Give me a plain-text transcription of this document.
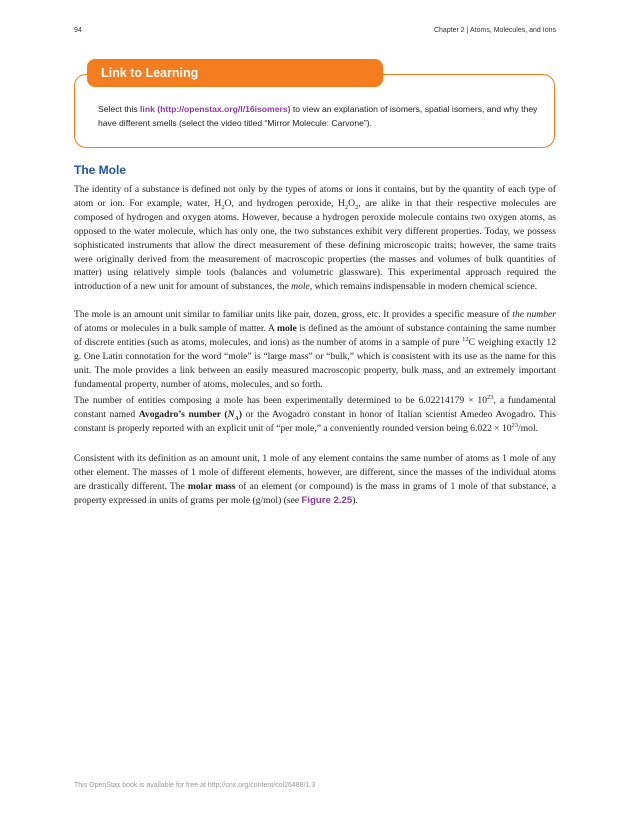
94	Chapter 2 | Atoms, Molecules, and Ions
Link to Learning
Select this link (http://openstax.org/l/16isomers) to view an explanation of isomers, spatial isomers, and why they have different smells (select the video titled “Mirror Molecule: Carvone”).
The Mole
The identity of a substance is defined not only by the types of atoms or ions it contains, but by the quantity of each type of atom or ion. For example, water, $H_2O$, and hydrogen peroxide, $H_2O_2$, are alike in that their respective molecules are composed of hydrogen and oxygen atoms. However, because a hydrogen peroxide molecule contains two oxygen atoms, as opposed to the water molecule, which has only one, the two substances exhibit very different properties. Today, we possess sophisticated instruments that allow the direct measurement of these defining microscopic traits; however, the same traits were originally derived from the measurement of macroscopic properties (the masses and volumes of bulk quantities of matter) using relatively simple tools (balances and volumetric glassware). This experimental approach required the introduction of a new unit for amount of substances, the mole, which remains indispensable in modern chemical science.
The mole is an amount unit similar to familiar units like pair, dozen, gross, etc. It provides a specific measure of the number of atoms or molecules in a bulk sample of matter. A mole is defined as the amount of substance containing the same number of discrete entities (such as atoms, molecules, and ions) as the number of atoms in a sample of pure $^{12}$C weighing exactly 12 g. One Latin connotation for the word “mole” is “large mass” or “bulk,” which is consistent with its use as the name for this unit. The mole provides a link between an easily measured macroscopic property, bulk mass, and an extremely important fundamental property, number of atoms, molecules, and so forth.
The number of entities composing a mole has been experimentally determined to be $6.02214179 \times 10^{23}$, a fundamental constant named Avogadro’s number $(N_A)$ or the Avogadro constant in honor of Italian scientist Amedeo Avogadro. This constant is properly reported with an explicit unit of “per mole,” a conveniently rounded version being $6.022 \times 10^{23}$/mol.
Consistent with its definition as an amount unit, 1 mole of any element contains the same number of atoms as 1 mole of any other element. The masses of 1 mole of different elements, however, are different, since the masses of the individual atoms are drastically different. The molar mass of an element (or compound) is the mass in grams of 1 mole of that substance, a property expressed in units of grams per mole (g/mol) (see Figure 2.25).
This OpenStax book is available for free at http://cnx.org/content/col26488/1.3
